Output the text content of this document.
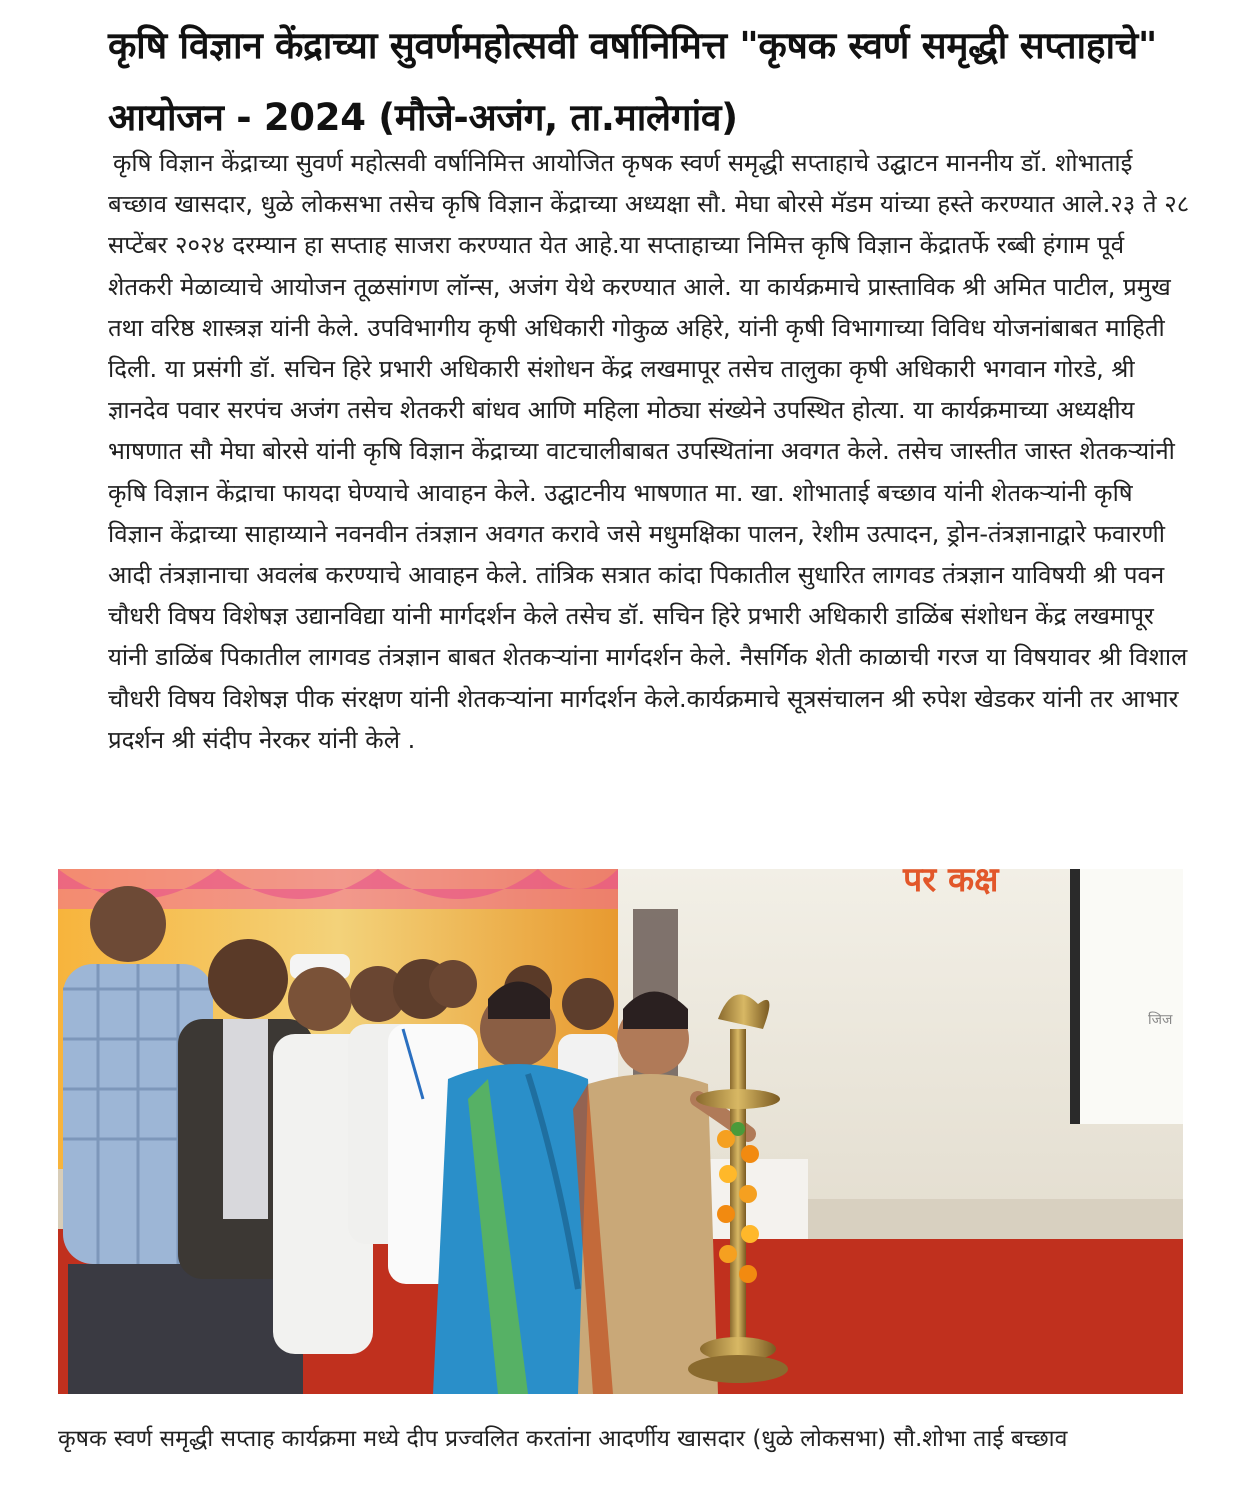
कृषि विज्ञान केंद्राच्या सुवर्णमहोत्सवी वर्षानिमित्त "कृषक स्वर्ण समृद्धी सप्ताहाचे" आयोजन - 2024 (मौजे-अजंग, ता.मालेगांव)

कृषि विज्ञान केंद्राच्या सुवर्ण महोत्सवी वर्षानिमित्त आयोजित कृषक स्वर्ण समृद्धी सप्ताहाचे उद्घाटन माननीय डॉ. शोभाताई बच्छाव खासदार, धुळे लोकसभा तसेच कृषि विज्ञान केंद्राच्या अध्यक्षा सौ. मेघा बोरसे मॅडम यांच्या हस्ते करण्यात आले.२३ ते २८ सप्टेंबर २०२४ दरम्यान हा सप्ताह साजरा करण्यात येत आहे.या सप्ताहाच्या निमित्त कृषि विज्ञान केंद्रातर्फे रब्बी हंगाम पूर्व शेतकरी मेळाव्याचे आयोजन तूळसांगण लॉन्स, अजंग येथे करण्यात आले. या कार्यक्रमाचे प्रास्ताविक श्री अमित पाटील, प्रमुख तथा वरिष्ठ शास्त्रज्ञ यांनी केले. उपविभागीय कृषी अधिकारी गोकुळ अहिरे, यांनी कृषी विभागाच्या विविध योजनांबाबत माहिती दिली. या प्रसंगी डॉ. सचिन हिरे प्रभारी अधिकारी संशोधन केंद्र लखमापूर तसेच तालुका कृषी अधिकारी भगवान गोरडे, श्री ज्ञानदेव पवार सरपंच अजंग तसेच शेतकरी बांधव आणि महिला मोठ्या संख्येने उपस्थित होत्या. या कार्यक्रमाच्या अध्यक्षीय भाषणात सौ मेघा बोरसे यांनी कृषि विज्ञान केंद्राच्या वाटचालीबाबत उपस्थितांना अवगत केले. तसेच जास्तीत जास्त शेतकऱ्यांनी कृषि विज्ञान केंद्राचा फायदा घेण्याचे आवाहन केले. उद्घाटनीय भाषणात मा. खा. शोभाताई बच्छाव यांनी शेतकऱ्यांनी कृषि विज्ञान केंद्राच्या साहाय्याने नवनवीन तंत्रज्ञान अवगत करावे जसे मधुमक्षिका पालन, रेशीम उत्पादन, ड्रोन-तंत्रज्ञानाद्वारे फवारणी आदी तंत्रज्ञानाचा अवलंब करण्याचे आवाहन केले. तांत्रिक सत्रात कांदा पिकातील सुधारित लागवड तंत्रज्ञान याविषयी श्री पवन चौधरी विषय विशेषज्ञ उद्यानविद्या यांनी मार्गदर्शन केले तसेच डॉ. सचिन हिरे प्रभारी अधिकारी डाळिंब संशोधन केंद्र लखमापूर यांनी डाळिंब पिकातील लागवड तंत्रज्ञान बाबत शेतकऱ्यांना मार्गदर्शन केले. नैसर्गिक शेती काळाची गरज या विषयावर श्री विशाल चौधरी विषय विशेषज्ञ पीक संरक्षण यांनी शेतकऱ्यांना मार्गदर्शन केले.कार्यक्रमाचे सूत्रसंचालन श्री रुपेश खेडकर यांनी तर आभार प्रदर्शन श्री संदीप नेरकर यांनी केले .

पर कक्ष
जिज

कृषक स्वर्ण समृद्धी सप्ताह कार्यक्रमा मध्ये दीप प्रज्वलित करतांना आदर्णीय खासदार (धुळे लोकसभा) सौ.शोभा ताई बच्छाव
